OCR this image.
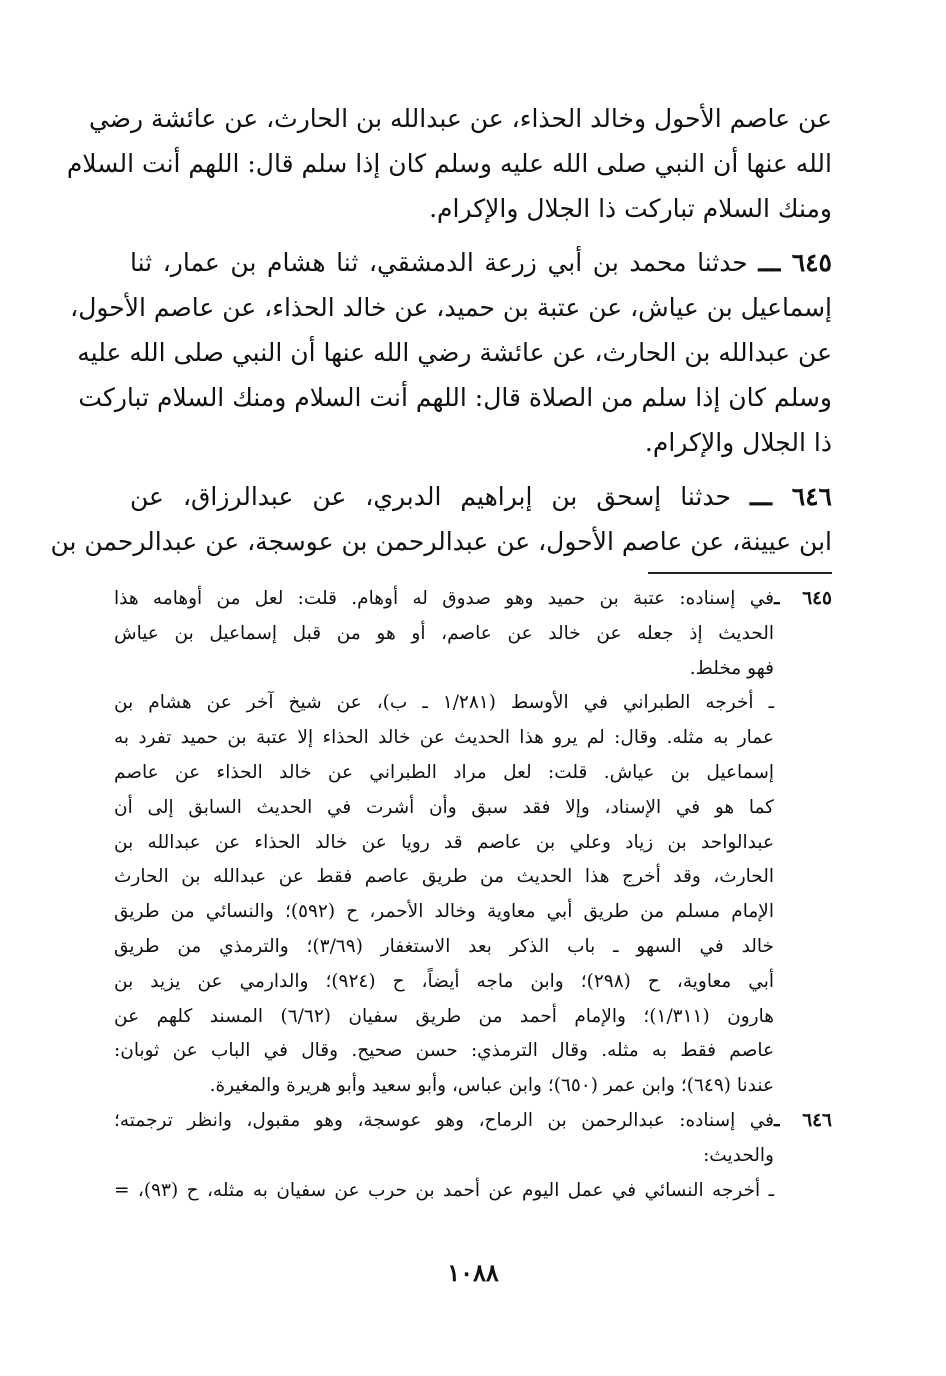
عن عاصم الأحول وخالد الحذاء، عن عبدالله بن الحارث، عن عائشة رضي
الله عنها أن النبي صلى الله عليه وسلم كان إذا سلم قال: اللهم أنت السلام
ومنك السلام تباركت ذا الجلال والإكرام.
٦٤٥ ـــ حدثنا محمد بن أبي زرعة الدمشقي، ثنا هشام بن عمار، ثنا
إسماعيل بن عياش، عن عتبة بن حميد، عن خالد الحذاء، عن عاصم الأحول،
عن عبدالله بن الحارث، عن عائشة رضي الله عنها أن النبي صلى الله عليه
وسلم كان إذا سلم من الصلاة قال: اللهم أنت السلام ومنك السلام تباركت
ذا الجلال والإكرام.
٦٤٦ ـــ حدثنا إسحق بن إبراهيم الدبري، عن عبدالرزاق، عن
ابن عيينة، عن عاصم الأحول، عن عبدالرحمن بن عوسجة، عن عبدالرحمن بن
٦٤٥ ـفي إسناده: عتبة بن حميد وهو صدوق له أوهام. قلت: لعل من أوهامه هذا
الحديث إذ جعله عن خالد عن عاصم، أو هو من قبل إسماعيل بن عياش
فهو مخلط.
ـ أخرجه الطبراني في الأوسط (١/٢٨١ ـ ب)، عن شيخ آخر عن هشام بن
عمار به مثله. وقال: لم يرو هذا الحديث عن خالد الحذاء إلا عتبة بن حميد تفرد به
إسماعيل بن عياش. قلت: لعل مراد الطبراني عن خالد الحذاء عن عاصم
كما هو في الإسناد، وإلا فقد سبق وأن أشرت في الحديث السابق إلى أن
عبدالواحد بن زياد وعلي بن عاصم قد رويا عن خالد الحذاء عن عبدالله بن
الحارث، وقد أخرج هذا الحديث من طريق عاصم فقط عن عبدالله بن الحارث
الإمام مسلم من طريق أبي معاوية وخالد الأحمر، ح (٥٩٢)؛ والنسائي من طريق
خالد في السهو ـ باب الذكر بعد الاستغفار (٣/٦٩)؛ والترمذي من طريق
أبي معاوية، ح (٢٩٨)؛ وابن ماجه أيضاً، ح (٩٢٤)؛ والدارمي عن يزيد بن
هارون (١/٣١١)؛ والإمام أحمد من طريق سفيان (٦/٦٢) المسند كلهم عن
عاصم فقط به مثله. وقال الترمذي: حسن صحيح. وقال في الباب عن ثوبان:
عندنا (٦٤٩)؛ وابن عمر (٦٥٠)؛ وابن عباس، وأبو سعيد وأبو هريرة والمغيرة.
٦٤٦ ـفي إسناده: عبدالرحمن بن الرماح، وهو عوسجة، وهو مقبول، وانظر ترجمته؛
والحديث:
ـ أخرجه النسائي في عمل اليوم عن أحمد بن حرب عن سفيان به مثله، ح (٩٣)، =
١٠٨٨
